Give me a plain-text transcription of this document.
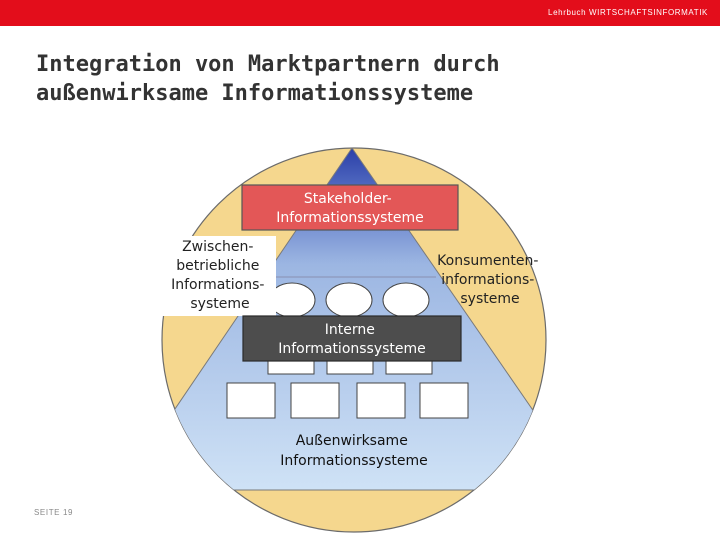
Lehrbuch WIRTSCHAFTSINFORMATIK
Integration von Marktpartnern durch
außenwirksame Informationssysteme
Stakeholder- Informationssysteme
Zwischen- betriebliche Informations- systeme
Konsumenten- informations- systeme
Interne Informationssysteme
Außenwirksame Informationssysteme
SEITE 19
